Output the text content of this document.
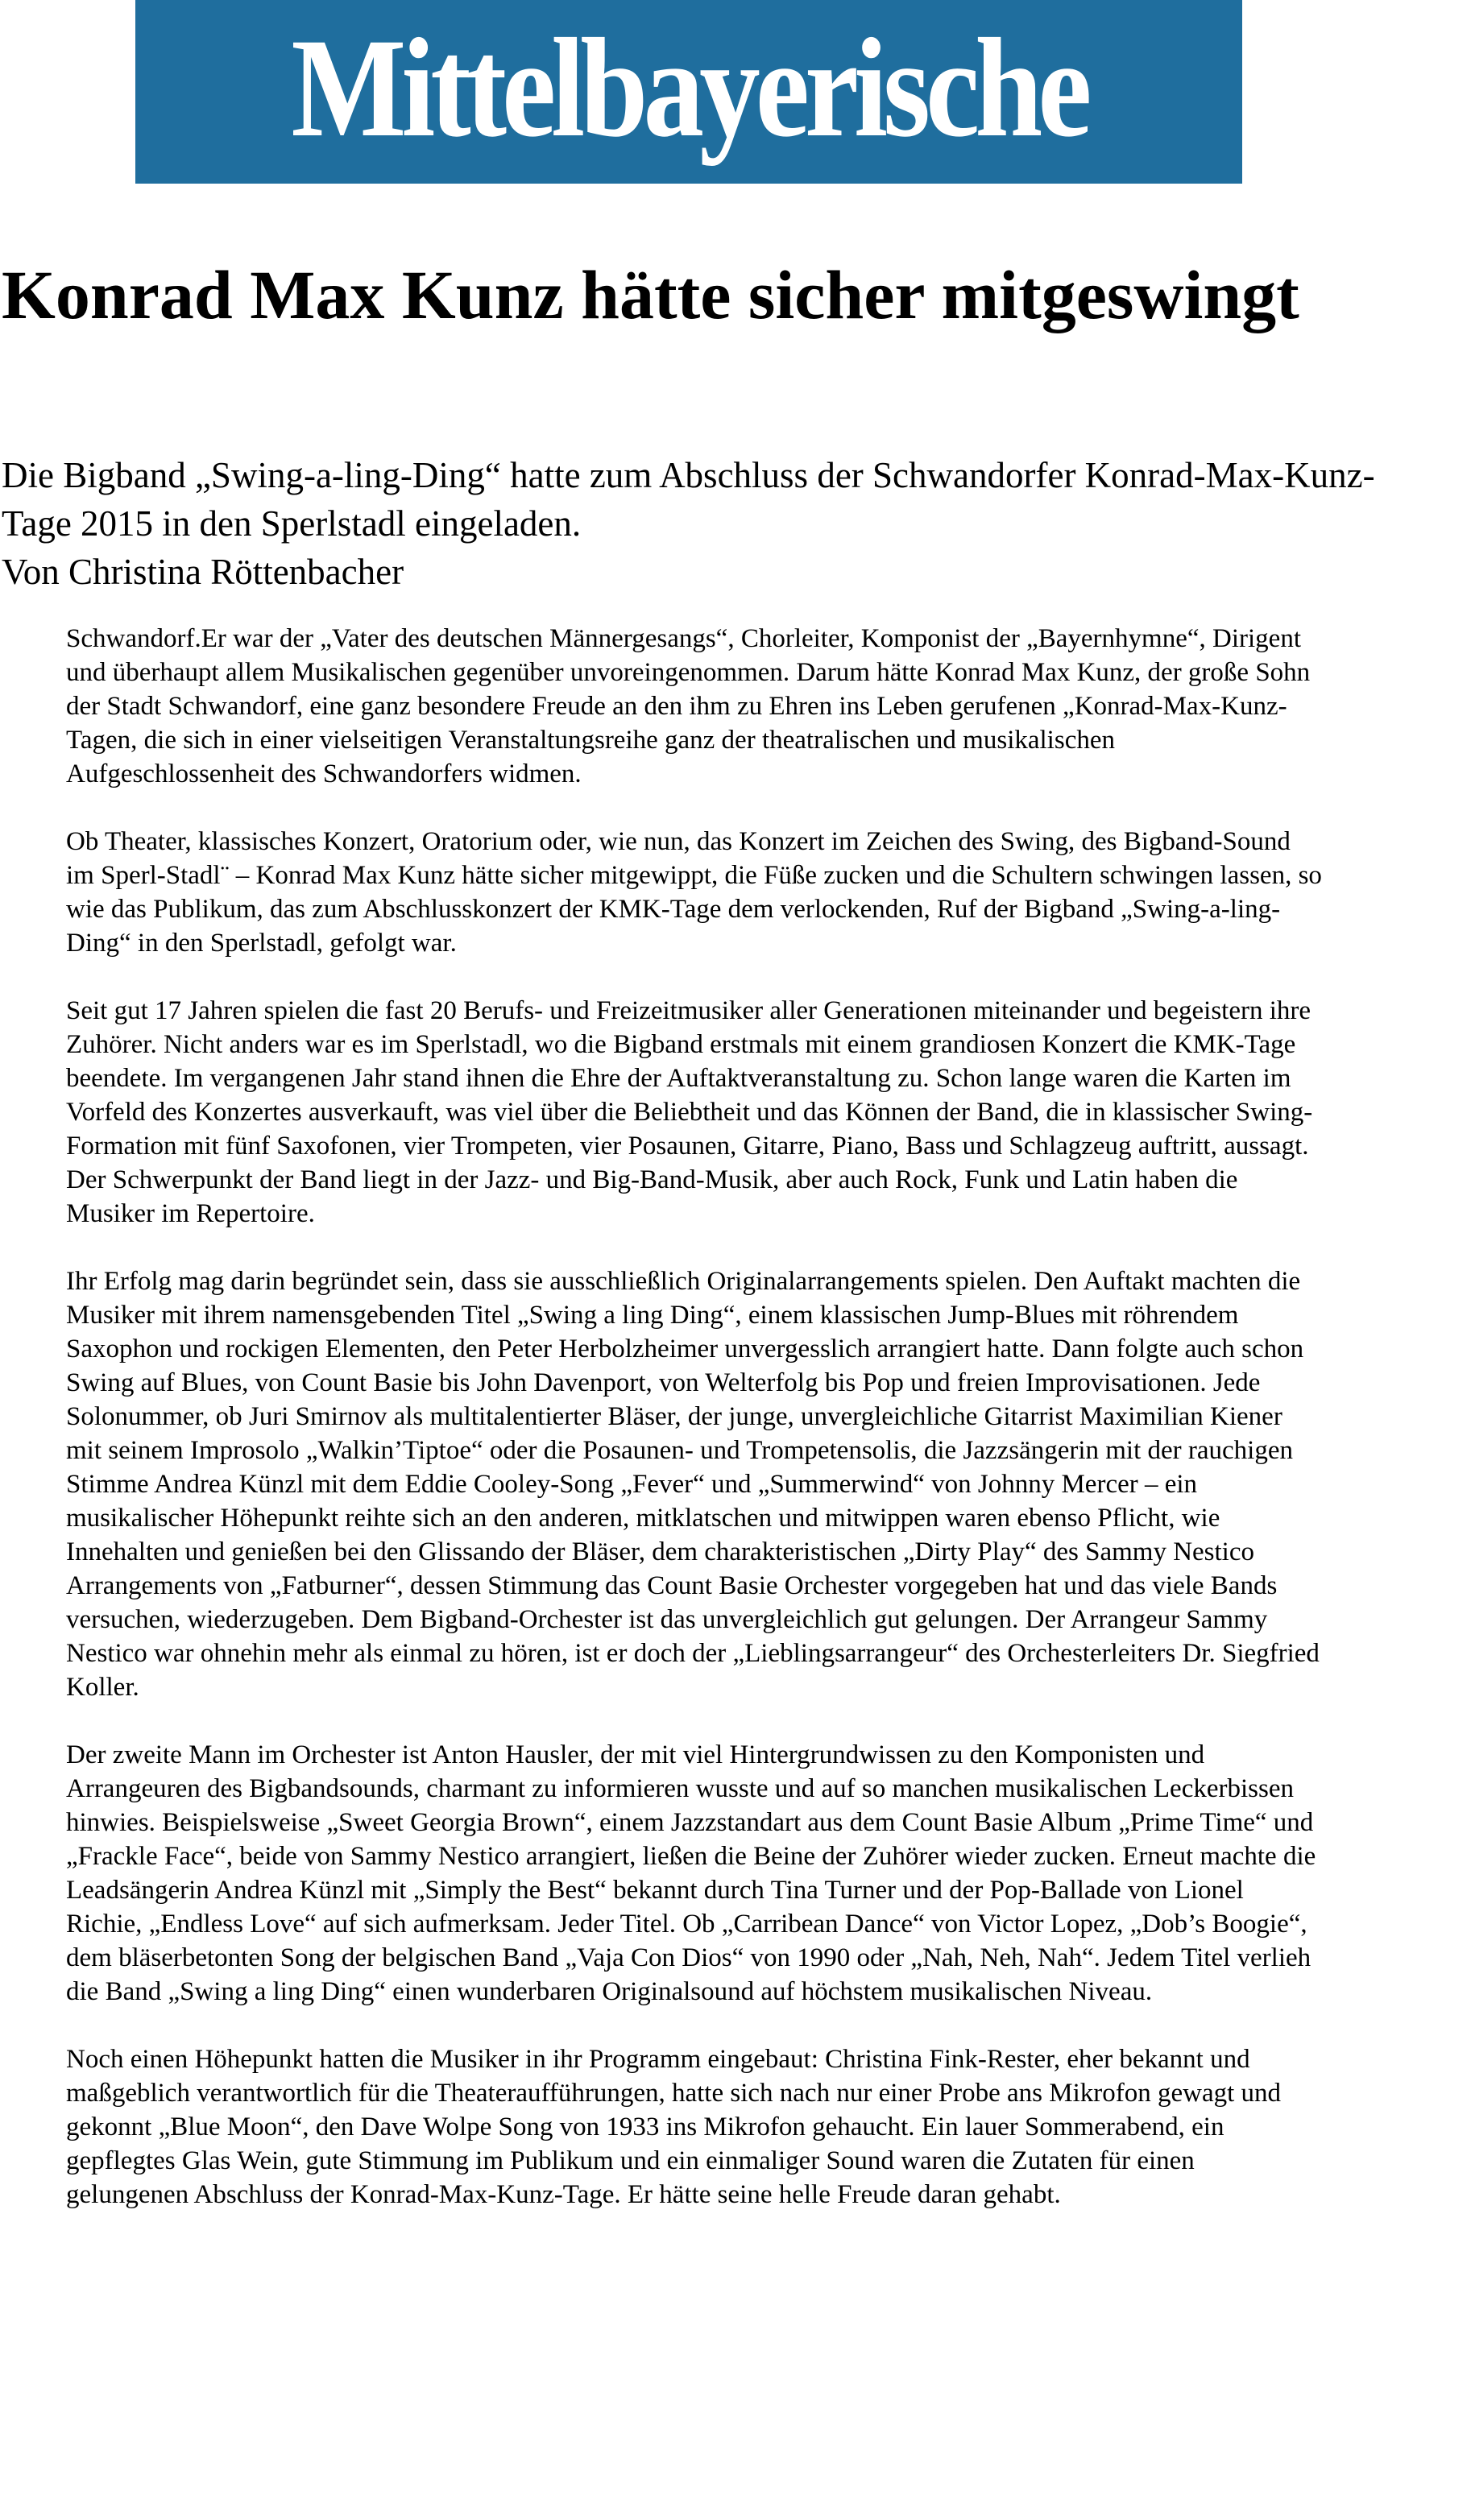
Mittelbayerische
Konrad Max Kunz hätte sicher mitgeswingt
Die Bigband „Swing-a-ling-Ding“ hatte zum Abschluss der Schwandorfer Konrad-Max-Kunz-Tage 2015 in den Sperlstadl eingeladen.
Von Christina Röttenbacher

Schwandorf.Er war der „Vater des deutschen Männergesangs“, Chorleiter, Komponist der „Bayernhymne“, Dirigent und überhaupt allem Musikalischen gegenüber unvoreingenommen. Darum hätte Konrad Max Kunz, der große Sohn der Stadt Schwandorf, eine ganz besondere Freude an den ihm zu Ehren ins Leben gerufenen „Konrad-Max-Kunz-Tagen, die sich in einer vielseitigen Veranstaltungsreihe ganz der theatralischen und musikalischen Aufgeschlossenheit des Schwandorfers widmen.

Ob Theater, klassisches Konzert, Oratorium oder, wie nun, das Konzert im Zeichen des Swing, des Bigband-Sound im Sperl-Stadl¨ – Konrad Max Kunz hätte sicher mitgewippt, die Füße zucken und die Schultern schwingen lassen, so wie das Publikum, das zum Abschlusskonzert der KMK-Tage dem verlockenden, Ruf der Bigband „Swing-a-ling-Ding“ in den Sperlstadl, gefolgt war.

Seit gut 17 Jahren spielen die fast 20 Berufs- und Freizeitmusiker aller Generationen miteinander und begeistern ihre Zuhörer. Nicht anders war es im Sperlstadl, wo die Bigband erstmals mit einem grandiosen Konzert die KMK-Tage beendete. Im vergangenen Jahr stand ihnen die Ehre der Auftaktveranstaltung zu. Schon lange waren die Karten im Vorfeld des Konzertes ausverkauft, was viel über die Beliebtheit und das Können der Band, die in klassischer Swing-Formation mit fünf Saxofonen, vier Trompeten, vier Posaunen, Gitarre, Piano, Bass und Schlagzeug auftritt, aussagt. Der Schwerpunkt der Band liegt in der Jazz- und Big-Band-Musik, aber auch Rock, Funk und Latin haben die Musiker im Repertoire.

Ihr Erfolg mag darin begründet sein, dass sie ausschließlich Originalarrangements spielen. Den Auftakt machten die Musiker mit ihrem namensgebenden Titel „Swing a ling Ding“, einem klassischen Jump-Blues mit röhrendem Saxophon und rockigen Elementen, den Peter Herbolzheimer unvergesslich arrangiert hatte. Dann folgte auch schon Swing auf Blues, von Count Basie bis John Davenport, von Welterfolg bis Pop und freien Improvisationen. Jede Solonummer, ob Juri Smirnov als multitalentierter Bläser, der junge, unvergleichliche Gitarrist Maximilian Kiener mit seinem Improsolo „Walkin’Tiptoe“ oder die Posaunen- und Trompetensolis, die Jazzsängerin mit der rauchigen Stimme Andrea Künzl mit dem Eddie Cooley-Song „Fever“ und „Summerwind“ von Johnny Mercer – ein musikalischer Höhepunkt reihte sich an den anderen, mitklatschen und mitwippen waren ebenso Pflicht, wie Innehalten und genießen bei den Glissando der Bläser, dem charakteristischen „Dirty Play“ des Sammy Nestico Arrangements von „Fatburner“, dessen Stimmung das Count Basie Orchester vorgegeben hat und das viele Bands versuchen, wiederzugeben. Dem Bigband-Orchester ist das unvergleichlich gut gelungen. Der Arrangeur Sammy Nestico war ohnehin mehr als einmal zu hören, ist er doch der „Lieblingsarrangeur“ des Orchesterleiters Dr. Siegfried Koller.

Der zweite Mann im Orchester ist Anton Hausler, der mit viel Hintergrundwissen zu den Komponisten und Arrangeuren des Bigbandsounds, charmant zu informieren wusste und auf so manchen musikalischen Leckerbissen hinwies. Beispielsweise „Sweet Georgia Brown“, einem Jazzstandart aus dem Count Basie Album „Prime Time“ und „Frackle Face“, beide von Sammy Nestico arrangiert, ließen die Beine der Zuhörer wieder zucken. Erneut machte die Leadsängerin Andrea Künzl mit „Simply the Best“ bekannt durch Tina Turner und der Pop-Ballade von Lionel Richie, „Endless Love“ auf sich aufmerksam. Jeder Titel. Ob „Carribean Dance“ von Victor Lopez, „Dob’s Boogie“, dem bläserbetonten Song der belgischen Band „Vaja Con Dios“ von 1990 oder „Nah, Neh, Nah“. Jedem Titel verlieh die Band „Swing a ling Ding“ einen wunderbaren Originalsound auf höchstem musikalischen Niveau.

Noch einen Höhepunkt hatten die Musiker in ihr Programm eingebaut: Christina Fink-Rester, eher bekannt und maßgeblich verantwortlich für die Theateraufführungen, hatte sich nach nur einer Probe ans Mikrofon gewagt und gekonnt „Blue Moon“, den Dave Wolpe Song von 1933 ins Mikrofon gehaucht. Ein lauer Sommerabend, ein gepflegtes Glas Wein, gute Stimmung im Publikum und ein einmaliger Sound waren die Zutaten für einen gelungenen Abschluss der Konrad-Max-Kunz-Tage. Er hätte seine helle Freude daran gehabt.
